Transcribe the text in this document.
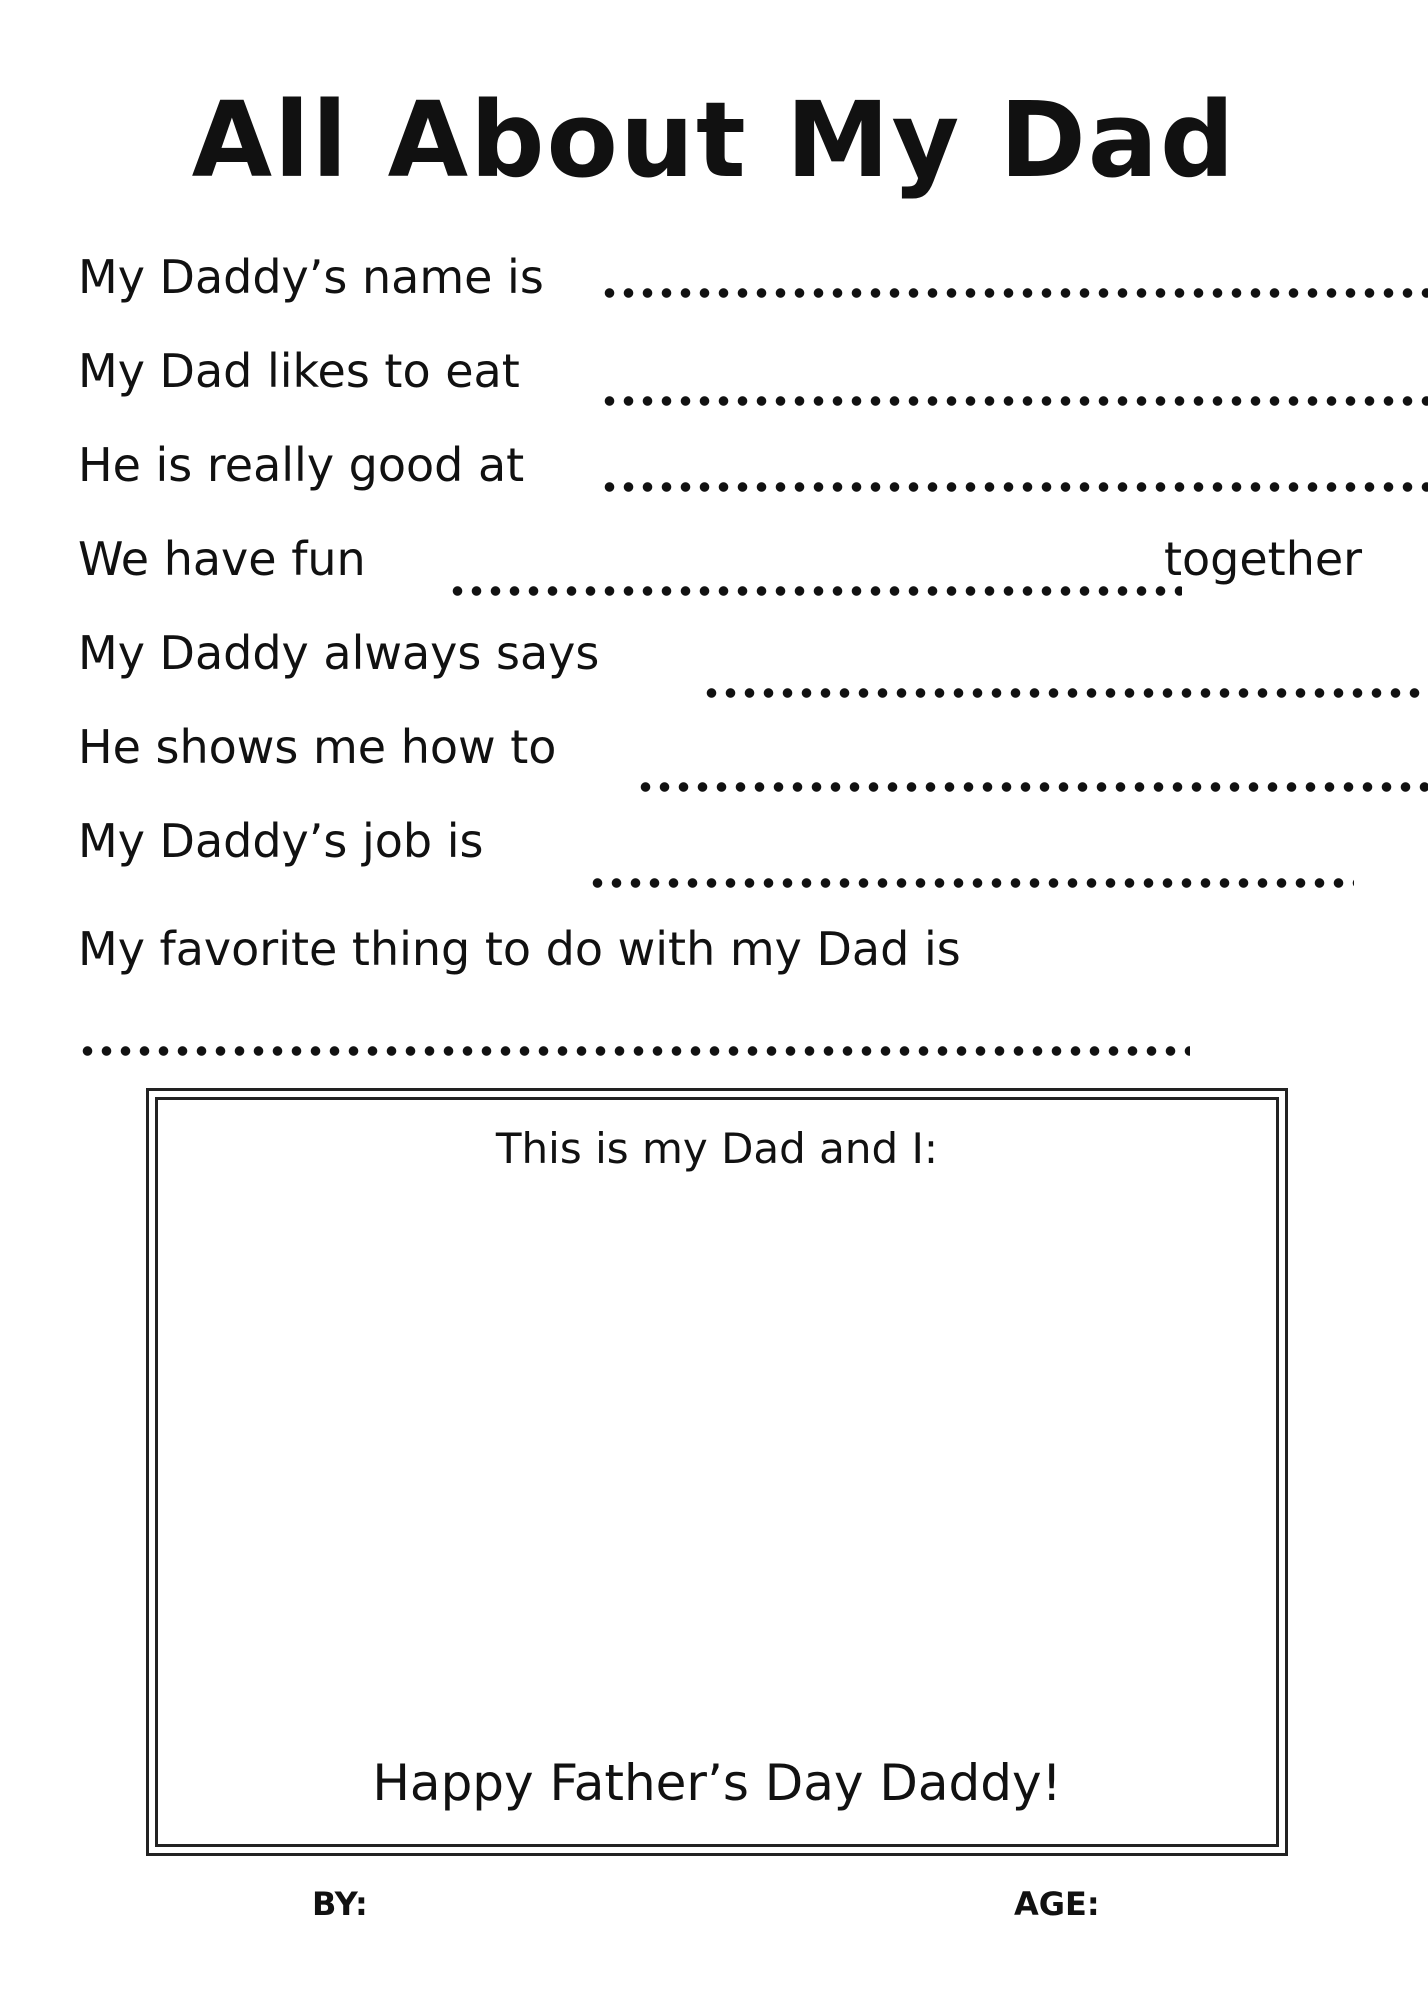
All About My Dad
My Daddy’s name is
My Dad likes to eat
He is really good at
We have fun	together
My Daddy always says
He shows me how to
My Daddy’s job is
My favorite thing to do with my Dad is
This is my Dad and I:
Happy Father’s Day Daddy!
BY:	AGE:
